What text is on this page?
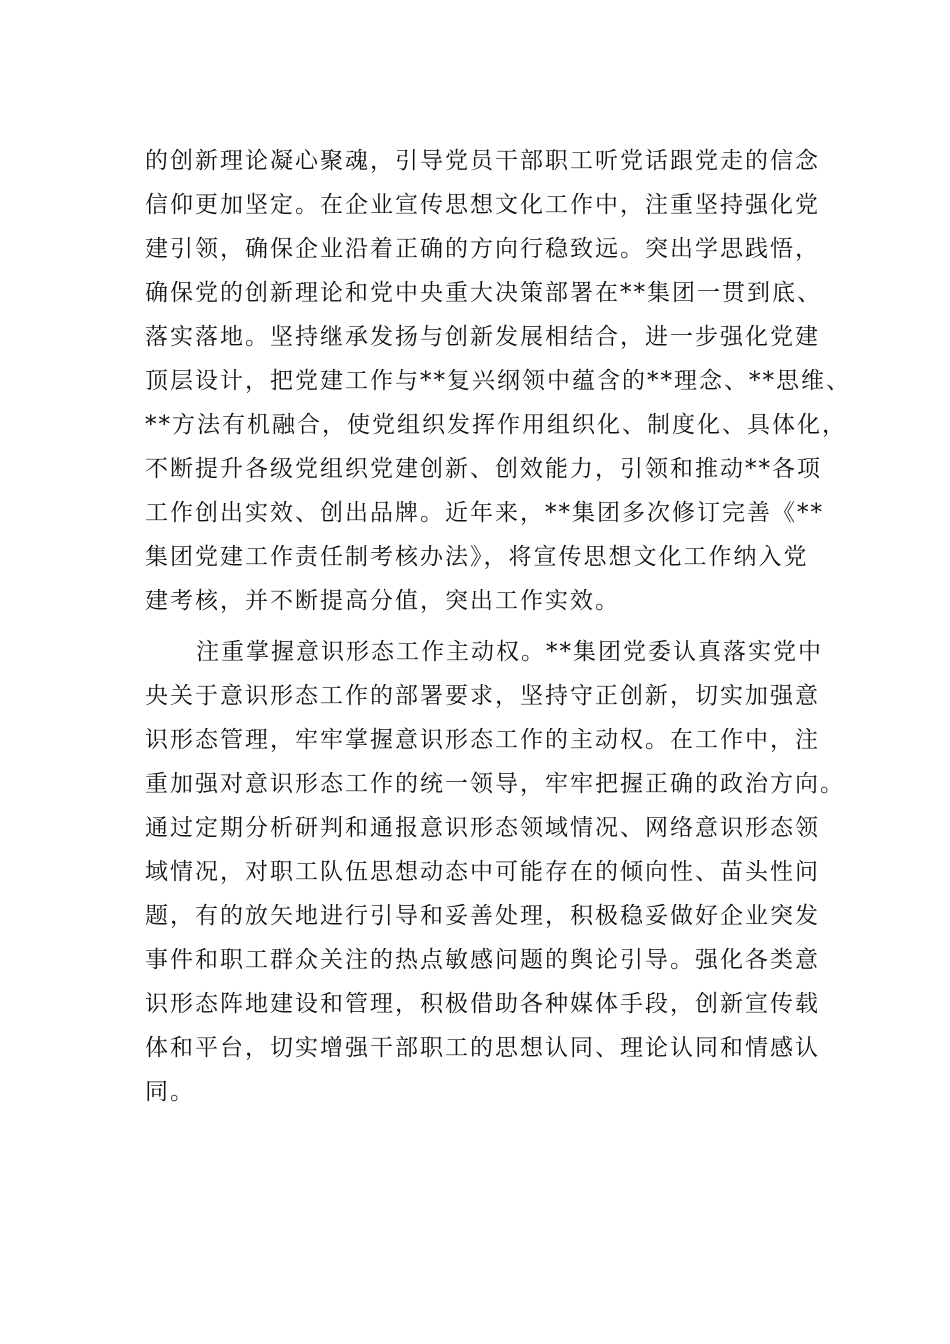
的创新理论凝心聚魂，引导党员干部职工听党话跟党走的信念
信仰更加坚定。在企业宣传思想文化工作中，注重坚持强化党
建引领，确保企业沿着正确的方向行稳致远。突出学思践悟，
确保党的创新理论和党中央重大决策部署在**集团一贯到底、
落实落地。坚持继承发扬与创新发展相结合，进一步强化党建
顶层设计，把党建工作与**复兴纲领中蕴含的**理念、**思维、
**方法有机融合，使党组织发挥作用组织化、制度化、具体化，
不断提升各级党组织党建创新、创效能力，引领和推动**各项
工作创出实效、创出品牌。近年来，**集团多次修订完善《**
集团党建工作责任制考核办法》，将宣传思想文化工作纳入党
建考核，并不断提高分值，突出工作实效。
注重掌握意识形态工作主动权。**集团党委认真落实党中
央关于意识形态工作的部署要求，坚持守正创新，切实加强意
识形态管理，牢牢掌握意识形态工作的主动权。在工作中，注
重加强对意识形态工作的统一领导，牢牢把握正确的政治方向。
通过定期分析研判和通报意识形态领域情况、网络意识形态领
域情况，对职工队伍思想动态中可能存在的倾向性、苗头性问
题，有的放矢地进行引导和妥善处理，积极稳妥做好企业突发
事件和职工群众关注的热点敏感问题的舆论引导。强化各类意
识形态阵地建设和管理，积极借助各种媒体手段，创新宣传载
体和平台，切实增强干部职工的思想认同、理论认同和情感认
同。
